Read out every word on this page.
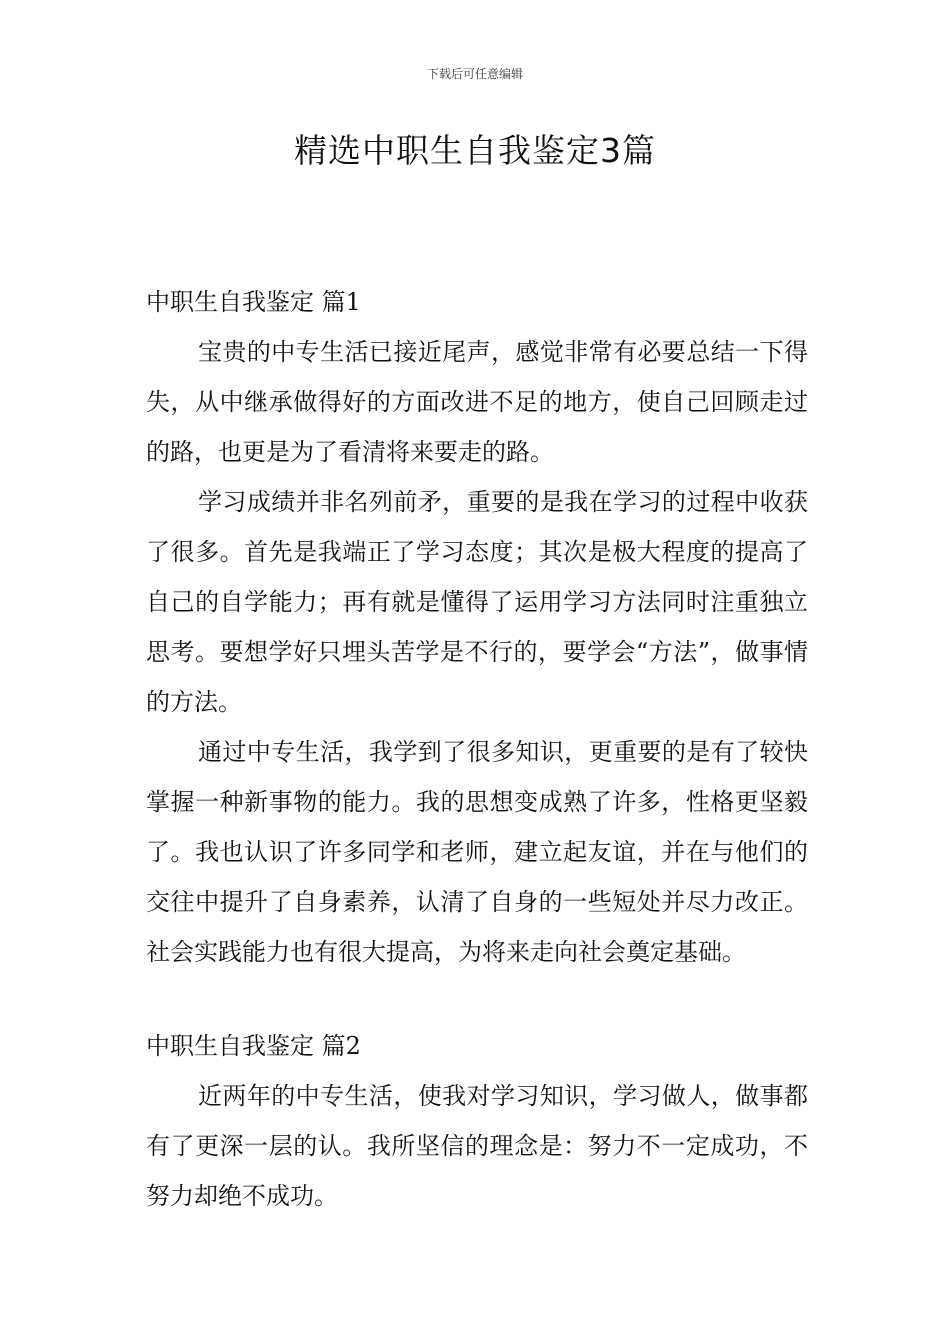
下载后可任意编辑
精选中职生自我鉴定3篇

中职生自我鉴定 篇1

宝贵的中专生活已接近尾声，感觉非常有必要总结一下得失，从中继承做得好的方面改进不足的地方，使自己回顾走过的路，也更是为了看清将来要走的路。

学习成绩并非名列前矛，重要的是我在学习的过程中收获了很多。首先是我端正了学习态度；其次是极大程度的提高了自己的自学能力；再有就是懂得了运用学习方法同时注重独立思考。要想学好只埋头苦学是不行的，要学会“方法”，做事情的方法。

通过中专生活，我学到了很多知识，更重要的是有了较快掌握一种新事物的能力。我的思想变成熟了许多，性格更坚毅了。我也认识了许多同学和老师，建立起友谊，并在与他们的交往中提升了自身素养，认清了自身的一些短处并尽力改正。社会实践能力也有很大提高，为将来走向社会奠定基础。

中职生自我鉴定 篇2

近两年的中专生活，使我对学习知识，学习做人，做事都有了更深一层的认。我所坚信的理念是：努力不一定成功，不努力却绝不成功。
